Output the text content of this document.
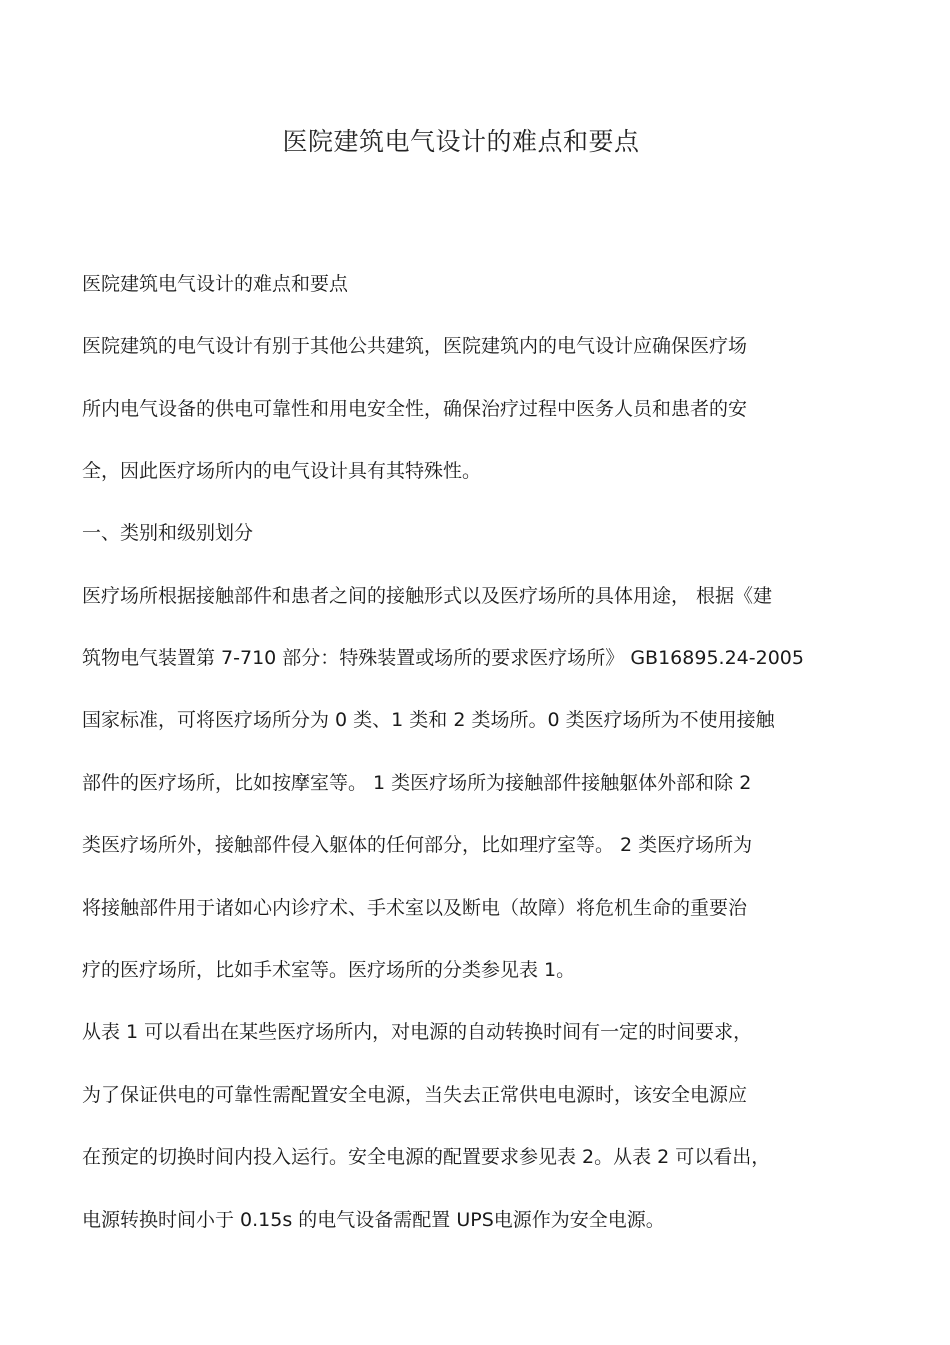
医院建筑电气设计的难点和要点
医院建筑电气设计的难点和要点
医院建筑的电气设计有别于其他公共建筑，医院建筑内的电气设计应确保医疗场
所内电气设备的供电可靠性和用电安全性，确保治疗过程中医务人员和患者的安
全，因此医疗场所内的电气设计具有其特殊性。
一、类别和级别划分
医疗场所根据接触部件和患者之间的接触形式以及医疗场所的具体用途， 根据《建
筑物电气装置第 7-710 部分：特殊装置或场所的要求医疗场所》 GB16895.24-2005
国家标准，可将医疗场所分为 0 类、1 类和 2 类场所。0 类医疗场所为不使用接触
部件的医疗场所，比如按摩室等。 1 类医疗场所为接触部件接触躯体外部和除 2
类医疗场所外，接触部件侵入躯体的任何部分，比如理疗室等。 2 类医疗场所为
将接触部件用于诸如心内诊疗术、手术室以及断电（故障）将危机生命的重要治
疗的医疗场所，比如手术室等。医疗场所的分类参见表 1。
从表 1 可以看出在某些医疗场所内，对电源的自动转换时间有一定的时间要求，
为了保证供电的可靠性需配置安全电源，当失去正常供电电源时，该安全电源应
在预定的切换时间内投入运行。安全电源的配置要求参见表 2。从表 2 可以看出，
电源转换时间小于 0.15s 的电气设备需配置 UPS电源作为安全电源。
